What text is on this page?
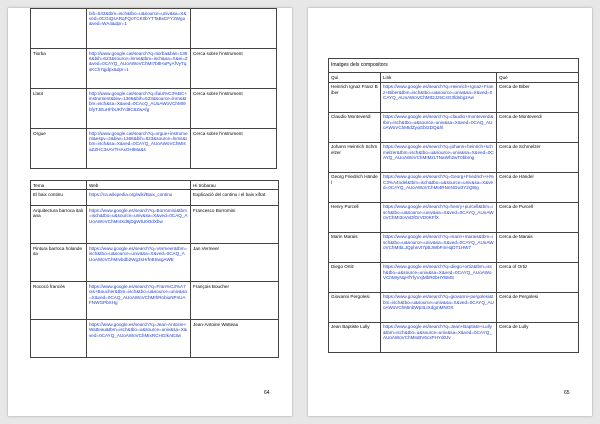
	bih=643&tbm=isch&tbo=u&source=univ&sa=X&ved=0CGIQsARqFQoTCK0bYTTaBxCFY2Wgo&ved=WA4&dpr=1	
Tiorba	http://www.google.cat/search?q=tiorba&biw=1366&bih=623&source=lnms&tbm=isch&sa=X&ei=Z&ved=0CAYQ_AUoAWoVChMI7b8HuPyAfVyTqsKCh7qjdpx&dpr=1	Cerca sobre l'instrument
Llaüt	http://www.google.cat/search?q=llaut%C3%BC+instrument&biw=1366&bih=623&source=lnms&tbm=isch&sa=X&ved=0CAcQ_AUoAWoVChMI9bfyTJEuHFbUKfYd8C6ZwAfg	Cerca sobre l'instrument
Orgue	http://www.google.cat/search?q=orgue+instrument&espv=2&biw=1366&bih=623&source=lnms&tbm=isch&sa=X&ved=0CAYQ_AUoAWoVChMIsaZZHC3sAVTHAxOHtMa&s	Cerca sobre l'instrument
Tema	Web	Hi trobarau
El baix continu	https://ca.wikipedia.org/wiki/Baix_continu	Explicació del continu i el baix xifrat
Arquitectura barroca italiana	https://www.google.es/search?q=Borromini&tbm=isch&tbo=u&source=univ&sa=X&ved=0CAQ_AUoAWoVChMI4Xd6jDgWtU0OdXbw	Francesco Borromini
Pintura barroca holandesa	https://www.google.es/search?q=Vermeer&tbm=isch&tbo=u&source=univ&sa=X&ved=0CAQ_AUoAWoVChMIvbdb2Wg3sHrfnBSwgAWE	Jan Vermeer
Rococó francès	https://www.google.es/search?q=Fran%C3%A7ois+Boucher&tbm=isch&tbo=u&source=univ&sa=X&ved=0CAQ_AUoAWoVChMIhRnbiuNPnUAFNWGPbXHg	François Boucher
	https://www.google.es/search?q=Jean-Antoine+Watteau&tbm=isch&tbo=u&source=univ&sa=X&ved=0CAYQ_AUoAWoVChMIxRCHGIkAE3w	Jean-Antoine Watteau
64
Imatges dels compositors		
Qui	Link	Què
Heinrich Ignaz Franz Biber	https://www.google.es/search?q=Heinrich+Ignaz+Franz+Biber&tbm=isch&tbo=u&source=univ&sa=X&ved=0CAYQ_AUoAWoVChMIt2Jz5C4G3fdnbgzAw	Cerca de Biber
Claudio Monteverdi	https://www.google.es/search?q=claudio+monteverdi&tbm=isch&tbo=u&source=univ&sa=X&ved=0CAQ_AUoAWoVChMIdZyqGbr2DQ&hl	Cerca de Monteverdi
Johann Heinrich Schmelzer	https://www.google.es/search?q=johann+heinrich+schmelzer&tbm=isch&tbo=u&source=univ&sa=X&ved=0CAYQ_AUoAWoVChMIMzLTNaWh2wT0bbmg	Cerca de Schmelzer
Georg Friedrich Händel	https://www.google.es/search?q=Georg+Friedrich+H%C3%A4ndel&tbm=isch&tbo=u&source=univ&sa=X&ved=0CAYQ_AUoAWoVChMI4RNnNGw3Y2Q8Ig	Cerca de Händel
Henry Purcell	https://www.google.es/search?q=henry+purcell&tbm=isch&tbo=u&source=univ&sa=X&ved=0CAYQ_AUoAWoVChMI3oVxDfOrVD0KFfX	Cerca de Purcell
Marin Marais	https://www.google.es/search?q=marin+marais&tbm=isch&tbo=u&source=univ&sa=X&ved=0CAYQ_AUoAWoVChMIbLJQphsVt7pBJWbFmHqDT1HW7	Cerca de Marais
Diego Ortiz	https://www.google.es/search?q=diego+ortiz&tbm=isch&tbo=u&source=univ&sa=X&ved=0CAYQ_AUoAWoVChMIyNqHfYfyVxjMbR0bHYBMS	Cerca of Ortiz
Giovanni Pergolesi	https://www.google.es/search?q=giovanni+pergolesi&tbm=isch&tbo=u&source=univ&sa=X&ved=0CAYQ_AUoAWoVChMInbWp3LIXdgmMNOX	Cerca de Pergolesi
Jean Baptiste Lully	https://www.google.es/search?q=Jean+Baptiste+Lully&tbm=isch&tbo=u&source=univ&sa=X&ved=0CAYQ_AUoAWoVChMIoBV6cxPHYd0Jv	Cerca de Lully
65
